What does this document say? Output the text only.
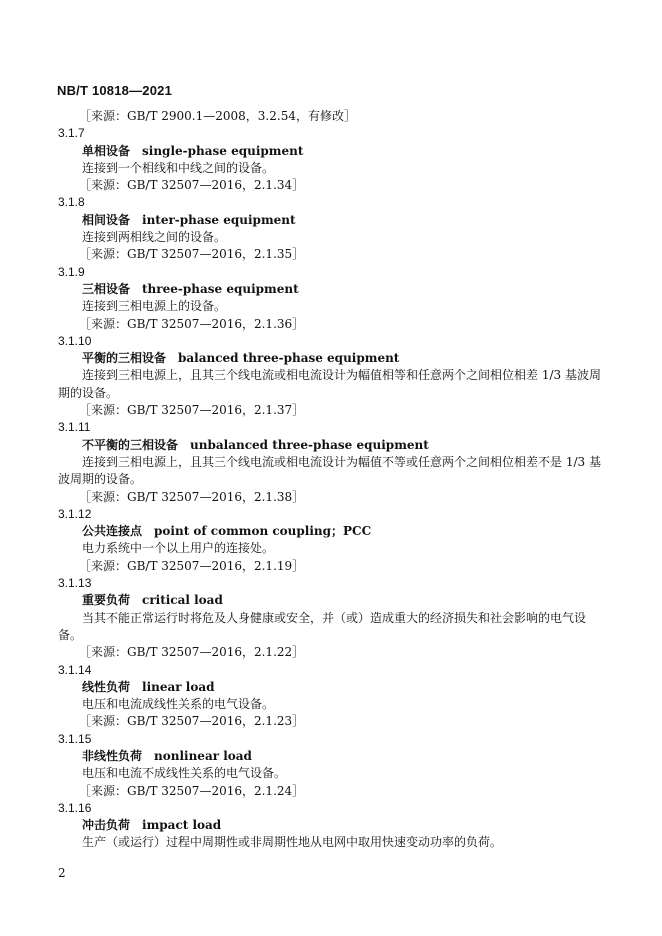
NB/T 10818—2021
［来源：GB/T 2900.1—2008，3.2.54，有修改］
3.1.7
单相设备 single-phase equipment
连接到一个相线和中线之间的设备。
［来源：GB/T 32507—2016，2.1.34］
3.1.8
相间设备 inter-phase equipment
连接到两相线之间的设备。
［来源：GB/T 32507—2016，2.1.35］
3.1.9
三相设备 three-phase equipment
连接到三相电源上的设备。
［来源：GB/T 32507—2016，2.1.36］
3.1.10
平衡的三相设备 balanced three-phase equipment
连接到三相电源上，且其三个线电流或相电流设计为幅值相等和任意两个之间相位相差 1/3 基波周期的设备。
［来源：GB/T 32507—2016，2.1.37］
3.1.11
不平衡的三相设备 unbalanced three-phase equipment
连接到三相电源上，且其三个线电流或相电流设计为幅值不等或任意两个之间相位相差不是 1/3 基波周期的设备。
［来源：GB/T 32507—2016，2.1.38］
3.1.12
公共连接点 point of common coupling；PCC
电力系统中一个以上用户的连接处。
［来源：GB/T 32507—2016，2.1.19］
3.1.13
重要负荷 critical load
当其不能正常运行时将危及人身健康或安全，并（或）造成重大的经济损失和社会影响的电气设备。
［来源：GB/T 32507—2016，2.1.22］
3.1.14
线性负荷 linear load
电压和电流成线性关系的电气设备。
［来源：GB/T 32507—2016，2.1.23］
3.1.15
非线性负荷 nonlinear load
电压和电流不成线性关系的电气设备。
［来源：GB/T 32507—2016，2.1.24］
3.1.16
冲击负荷 impact load
生产（或运行）过程中周期性或非周期性地从电网中取用快速变动功率的负荷。
2
